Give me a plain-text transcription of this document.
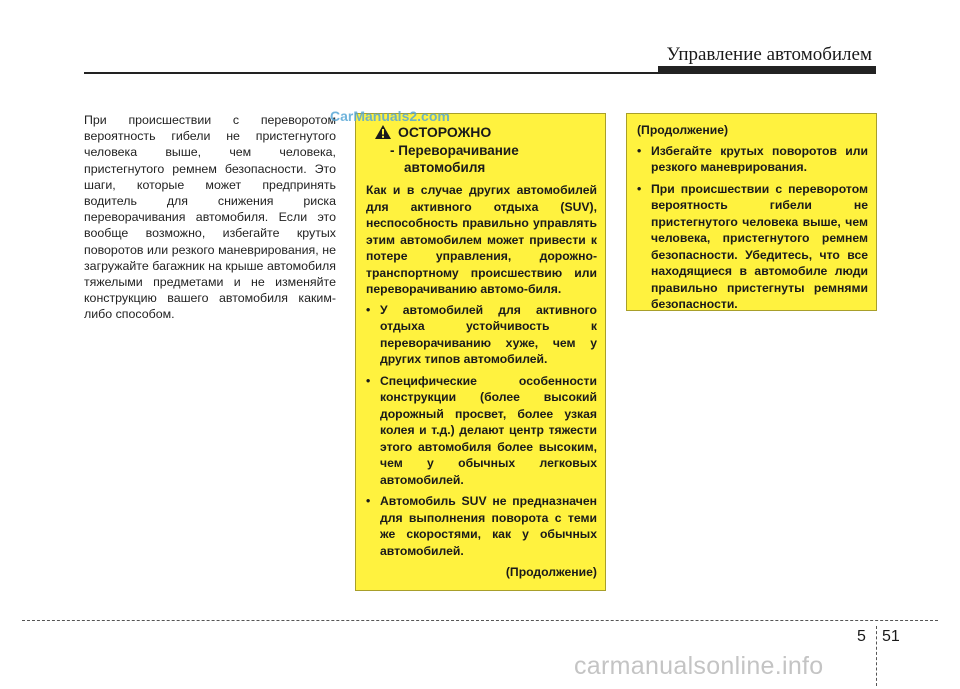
Управление автомобилем
При происшествии с переворотом вероятность гибели не пристегнутого человека выше, чем человека, пристегнутого ремнем безопасности. Это шаги, которые может предпринять водитель для снижения риска переворачивания автомобиля. Если это вообще возможно, избегайте крутых поворотов или резкого маневрирования, не загружайте багажник на крыше автомобиля тяжелыми предметами и не изменяйте конструкцию вашего автомобиля каким-либо способом.
ОСТОРОЖНО
- Переворачивание
автомобиля

Как и в случае других автомобилей для активного отдыха (SUV), неспособность правильно управлять этим автомобилем может привести к потере управления, дорожно-транспортному происшествию или переворачиванию автомо-биля.

• У автомобилей для активного отдыха устойчивость к переворачиванию хуже, чем у других типов автомобилей.
• Специфические особенности конструкции (более высокий дорожный просвет, более узкая колея и т.д.) делают центр тяжести этого автомобиля более высоким, чем у обычных легковых автомобилей.
• Автомобиль SUV не предназначен для выполнения поворота с теми же скоростями, как у обычных автомобилей.
(Продолжение)
CarManuals2.com
(Продолжение)
• Избегайте крутых поворотов или резкого маневрирования.
• При происшествии с переворотом вероятность гибели не пристегнутого человека выше, чем человека, пристегнутого ремнем безопасности. Убедитесь, что все находящиеся в автомобиле люди правильно пристегнуты ремнями безопасности.
5 51
carmanualsonline.info
